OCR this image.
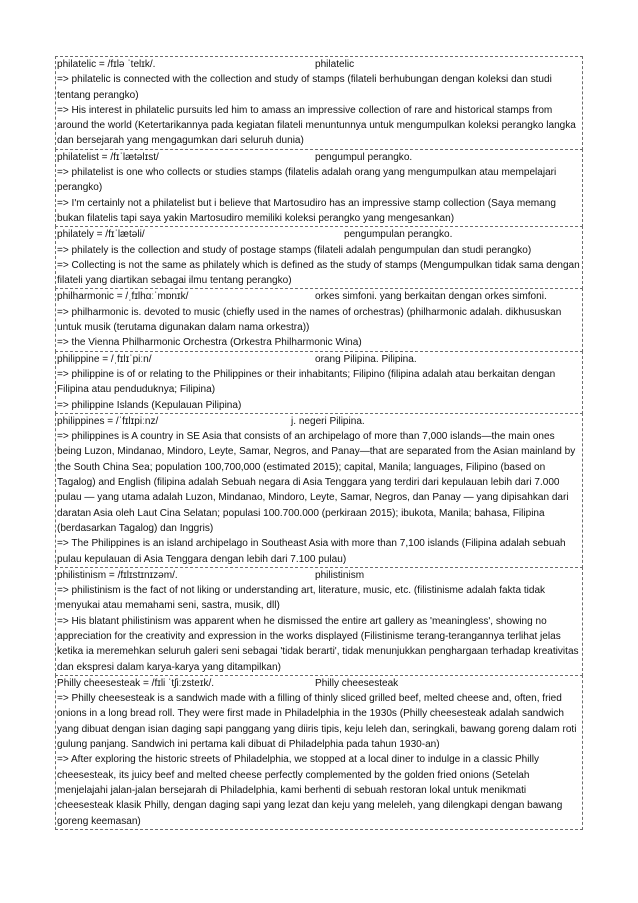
philatelic = /fɪlə ˈtelɪk/.	philatelic
=> philatelic is connected with the collection and study of stamps (filateli berhubungan dengan koleksi dan studi tentang perangko)
=> His interest in philatelic pursuits led him to amass an impressive collection of rare and historical stamps from around the world (Ketertarikannya pada kegiatan filateli menuntunnya untuk mengumpulkan koleksi perangko langka dan bersejarah yang mengagumkan dari seluruh dunia)
philatelist = /fɪˈlætəlɪst/	pengumpul perangko.
=> philatelist is one who collects or studies stamps (filatelis adalah orang yang mengumpulkan atau mempelajari perangko)
=> I'm certainly not a philatelist but i believe that Martosudiro has an impressive stamp collection (Saya memang bukan filatelis tapi saya yakin Martosudiro memiliki koleksi perangko yang mengesankan)
philately = /fɪˈlætəli/	pengumpulan perangko.
=> philately is the collection and study of postage stamps (filateli adalah pengumpulan dan studi perangko)
=> Collecting is not the same as philately which is defined as the study of stamps (Mengumpulkan tidak sama dengan filateli yang diartikan sebagai ilmu tentang perangko)
philharmonic = /ˌfɪlhɑːˈmɒnɪk/	orkes simfoni. yang berkaitan dengan orkes simfoni.
=> philharmonic is. devoted to music (chiefly used in the names of orchestras) (philharmonic adalah. dikhususkan untuk musik (terutama digunakan dalam nama orkestra))
=> the Vienna Philharmonic Orchestra (Orkestra Philharmonic Wina)
philippine = /ˌfɪlɪˈpiːn/	orang Pilipina. Pilipina.
=> philippine is of or relating to the Philippines or their inhabitants; Filipino (filipina adalah atau berkaitan dengan Filipina atau penduduknya; Filipina)
=> philippine Islands (Kepulauan Pilipina)
philippines = /ˈfɪlɪpiːnz/	j. negeri Pilipina.
=> philippines is A country in SE Asia that consists of an archipelago of more than 7,000 islands—the main ones being Luzon, Mindanao, Mindoro, Leyte, Samar, Negros, and Panay—that are separated from the Asian mainland by the South China Sea; population 100,700,000 (estimated 2015); capital, Manila; languages, Filipino (based on Tagalog) and English (filipina adalah Sebuah negara di Asia Tenggara yang terdiri dari kepulauan lebih dari 7.000 pulau — yang utama adalah Luzon, Mindanao, Mindoro, Leyte, Samar, Negros, dan Panay — yang dipisahkan dari daratan Asia oleh Laut Cina Selatan; populasi 100.700.000 (perkiraan 2015); ibukota, Manila; bahasa, Filipina (berdasarkan Tagalog) dan Inggris)
=> The Philippines is an island archipelago in Southeast Asia with more than 7,100 islands (Filipina adalah sebuah pulau kepulauan di Asia Tenggara dengan lebih dari 7.100 pulau)
philistinism = /fɪlɪstɪnɪzəm/.	philistinism
=> philistinism is the fact of not liking or understanding art, literature, music, etc. (filistinisme adalah fakta tidak menyukai atau memahami seni, sastra, musik, dll)
=> His blatant philistinism was apparent when he dismissed the entire art gallery as 'meaningless', showing no appreciation for the creativity and expression in the works displayed (Filistinisme terang-terangannya terlihat jelas ketika ia meremehkan seluruh galeri seni sebagai 'tidak berarti', tidak menunjukkan penghargaan terhadap kreativitas dan ekspresi dalam karya-karya yang ditampilkan)
Philly cheesesteak = /fɪli ˈtʃiːzsteɪk/.	Philly cheesesteak
=> Philly cheesesteak is a sandwich made with a filling of thinly sliced grilled beef, melted cheese and, often, fried onions in a long bread roll. They were first made in Philadelphia in the 1930s (Philly cheesesteak adalah sandwich yang dibuat dengan isian daging sapi panggang yang diiris tipis, keju leleh dan, seringkali, bawang goreng dalam roti gulung panjang. Sandwich ini pertama kali dibuat di Philadelphia pada tahun 1930-an)
=> After exploring the historic streets of Philadelphia, we stopped at a local diner to indulge in a classic Philly cheesesteak, its juicy beef and melted cheese perfectly complemented by the golden fried onions (Setelah menjelajahi jalan-jalan bersejarah di Philadelphia, kami berhenti di sebuah restoran lokal untuk menikmati cheesesteak klasik Philly, dengan daging sapi yang lezat dan keju yang meleleh, yang dilengkapi dengan bawang goreng keemasan)
